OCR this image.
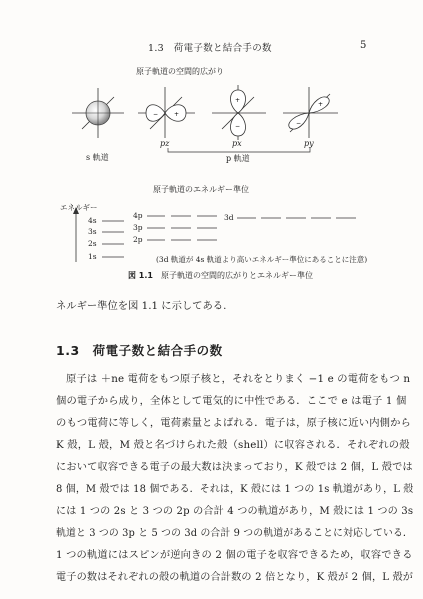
1.3　荷電子数と結合手の数	5
原子軌道の空間的広がり
−	+
+
−
+
−
s 軌道
pz	px	py
p 軌道
原子軌道のエネルギー準位
エネルギー
4s
3s
2s
1s
4p
3p
2p
3d
(3d 軌道が 4s 軌道より高いエネルギー準位にあることに注意)
図 1.1　 原子軌道の空間的広がりとエネルギー準位
ネルギー準位を図 1.1 に示してある.
1.3　 荷電子数と結合手の数
原子は ＋ne 電荷をもつ原子核と，それをとりまく −1 e の電荷をもつ n
個の電子から成り，全体として電気的に中性である．ここで e は電子 1 個
のもつ電荷に等しく，電荷素量とよばれる．電子は，原子核に近い内側から
K 殻，L 殻，M 殻と名づけられた殻（shell）に収容される．それぞれの殻
において収容できる電子の最大数は決まっており，K 殻では 2 個，L 殻では
8 個，M 殻では 18 個である．それは，K 殻には 1 つの 1s 軌道があり，L 殻
には 1 つの 2s と 3 つの 2p の合計 4 つの軌道があり，M 殻には 1 つの 3s
軌道と 3 つの 3p と 5 つの 3d の合計 9 つの軌道があることに対応している．
1 つの軌道にはスピンが逆向きの 2 個の電子を収容できるため，収容できる
電子の数はそれぞれの殻の軌道の合計数の 2 倍となり，K 殻が 2 個，L 殻が
